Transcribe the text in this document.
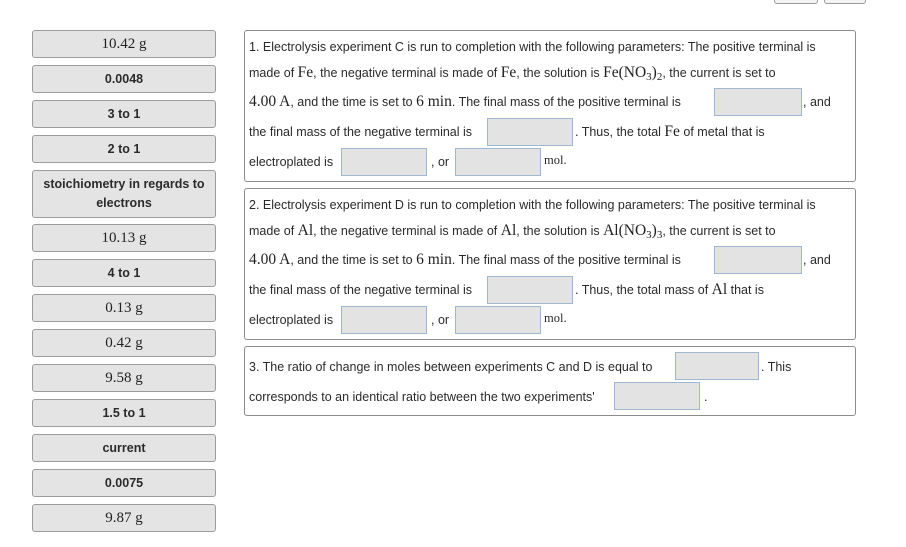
10.42 g
0.0048
3 to 1
2 to 1
stoichiometry in regards to electrons
10.13 g
4 to 1
0.13 g
0.42 g
9.58 g
1.5 to 1
current
0.0075
9.87 g
1. Electrolysis experiment C is run to completion with the following parameters: The positive terminal is
made of Fe, the negative terminal is made of Fe, the solution is $Fe(NO_3)_2$, the current is set to
4.00 A, and the time is set to 6 min. The final mass of the positive terminal is	, and
the final mass of the negative terminal is	. Thus, the total Fe of metal that is
electroplated is	, or	mol.
2. Electrolysis experiment D is run to completion with the following parameters: The positive terminal is
made of Al, the negative terminal is made of Al, the solution is $Al(NO_3)_3$, the current is set to
4.00 A, and the time is set to 6 min. The final mass of the positive terminal is	, and
the final mass of the negative terminal is	. Thus, the total mass of Al that is
electroplated is	, or	mol.
3. The ratio of change in moles between experiments C and D is equal to	. This
corresponds to an identical ratio between the two experiments'	.
